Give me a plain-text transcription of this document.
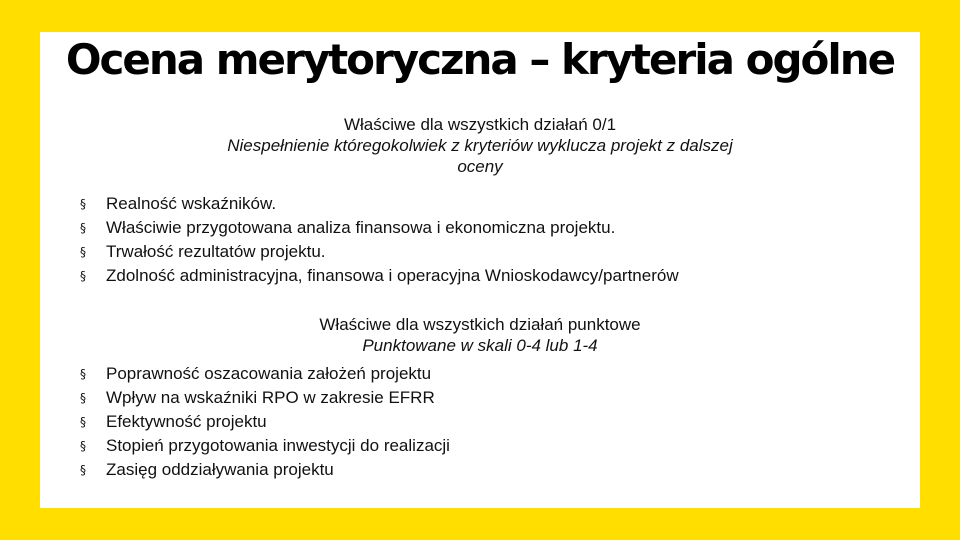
Ocena merytoryczna – kryteria ogólne
Właściwe dla wszystkich działań 0/1
Niespełnienie któregokolwiek z kryteriów wyklucza projekt z dalszej
oceny
§ Realność wskaźników.
§ Właściwie przygotowana analiza finansowa i ekonomiczna projektu.
§ Trwałość rezultatów projektu.
§ Zdolność administracyjna, finansowa i operacyjna Wnioskodawcy/partnerów
Właściwe dla wszystkich działań punktowe
Punktowane w skali 0-4 lub 1-4
§ Poprawność oszacowania założeń projektu
§ Wpływ na wskaźniki RPO w zakresie EFRR
§ Efektywność projektu
§ Stopień przygotowania inwestycji do realizacji
§ Zasięg oddziaływania projektu
